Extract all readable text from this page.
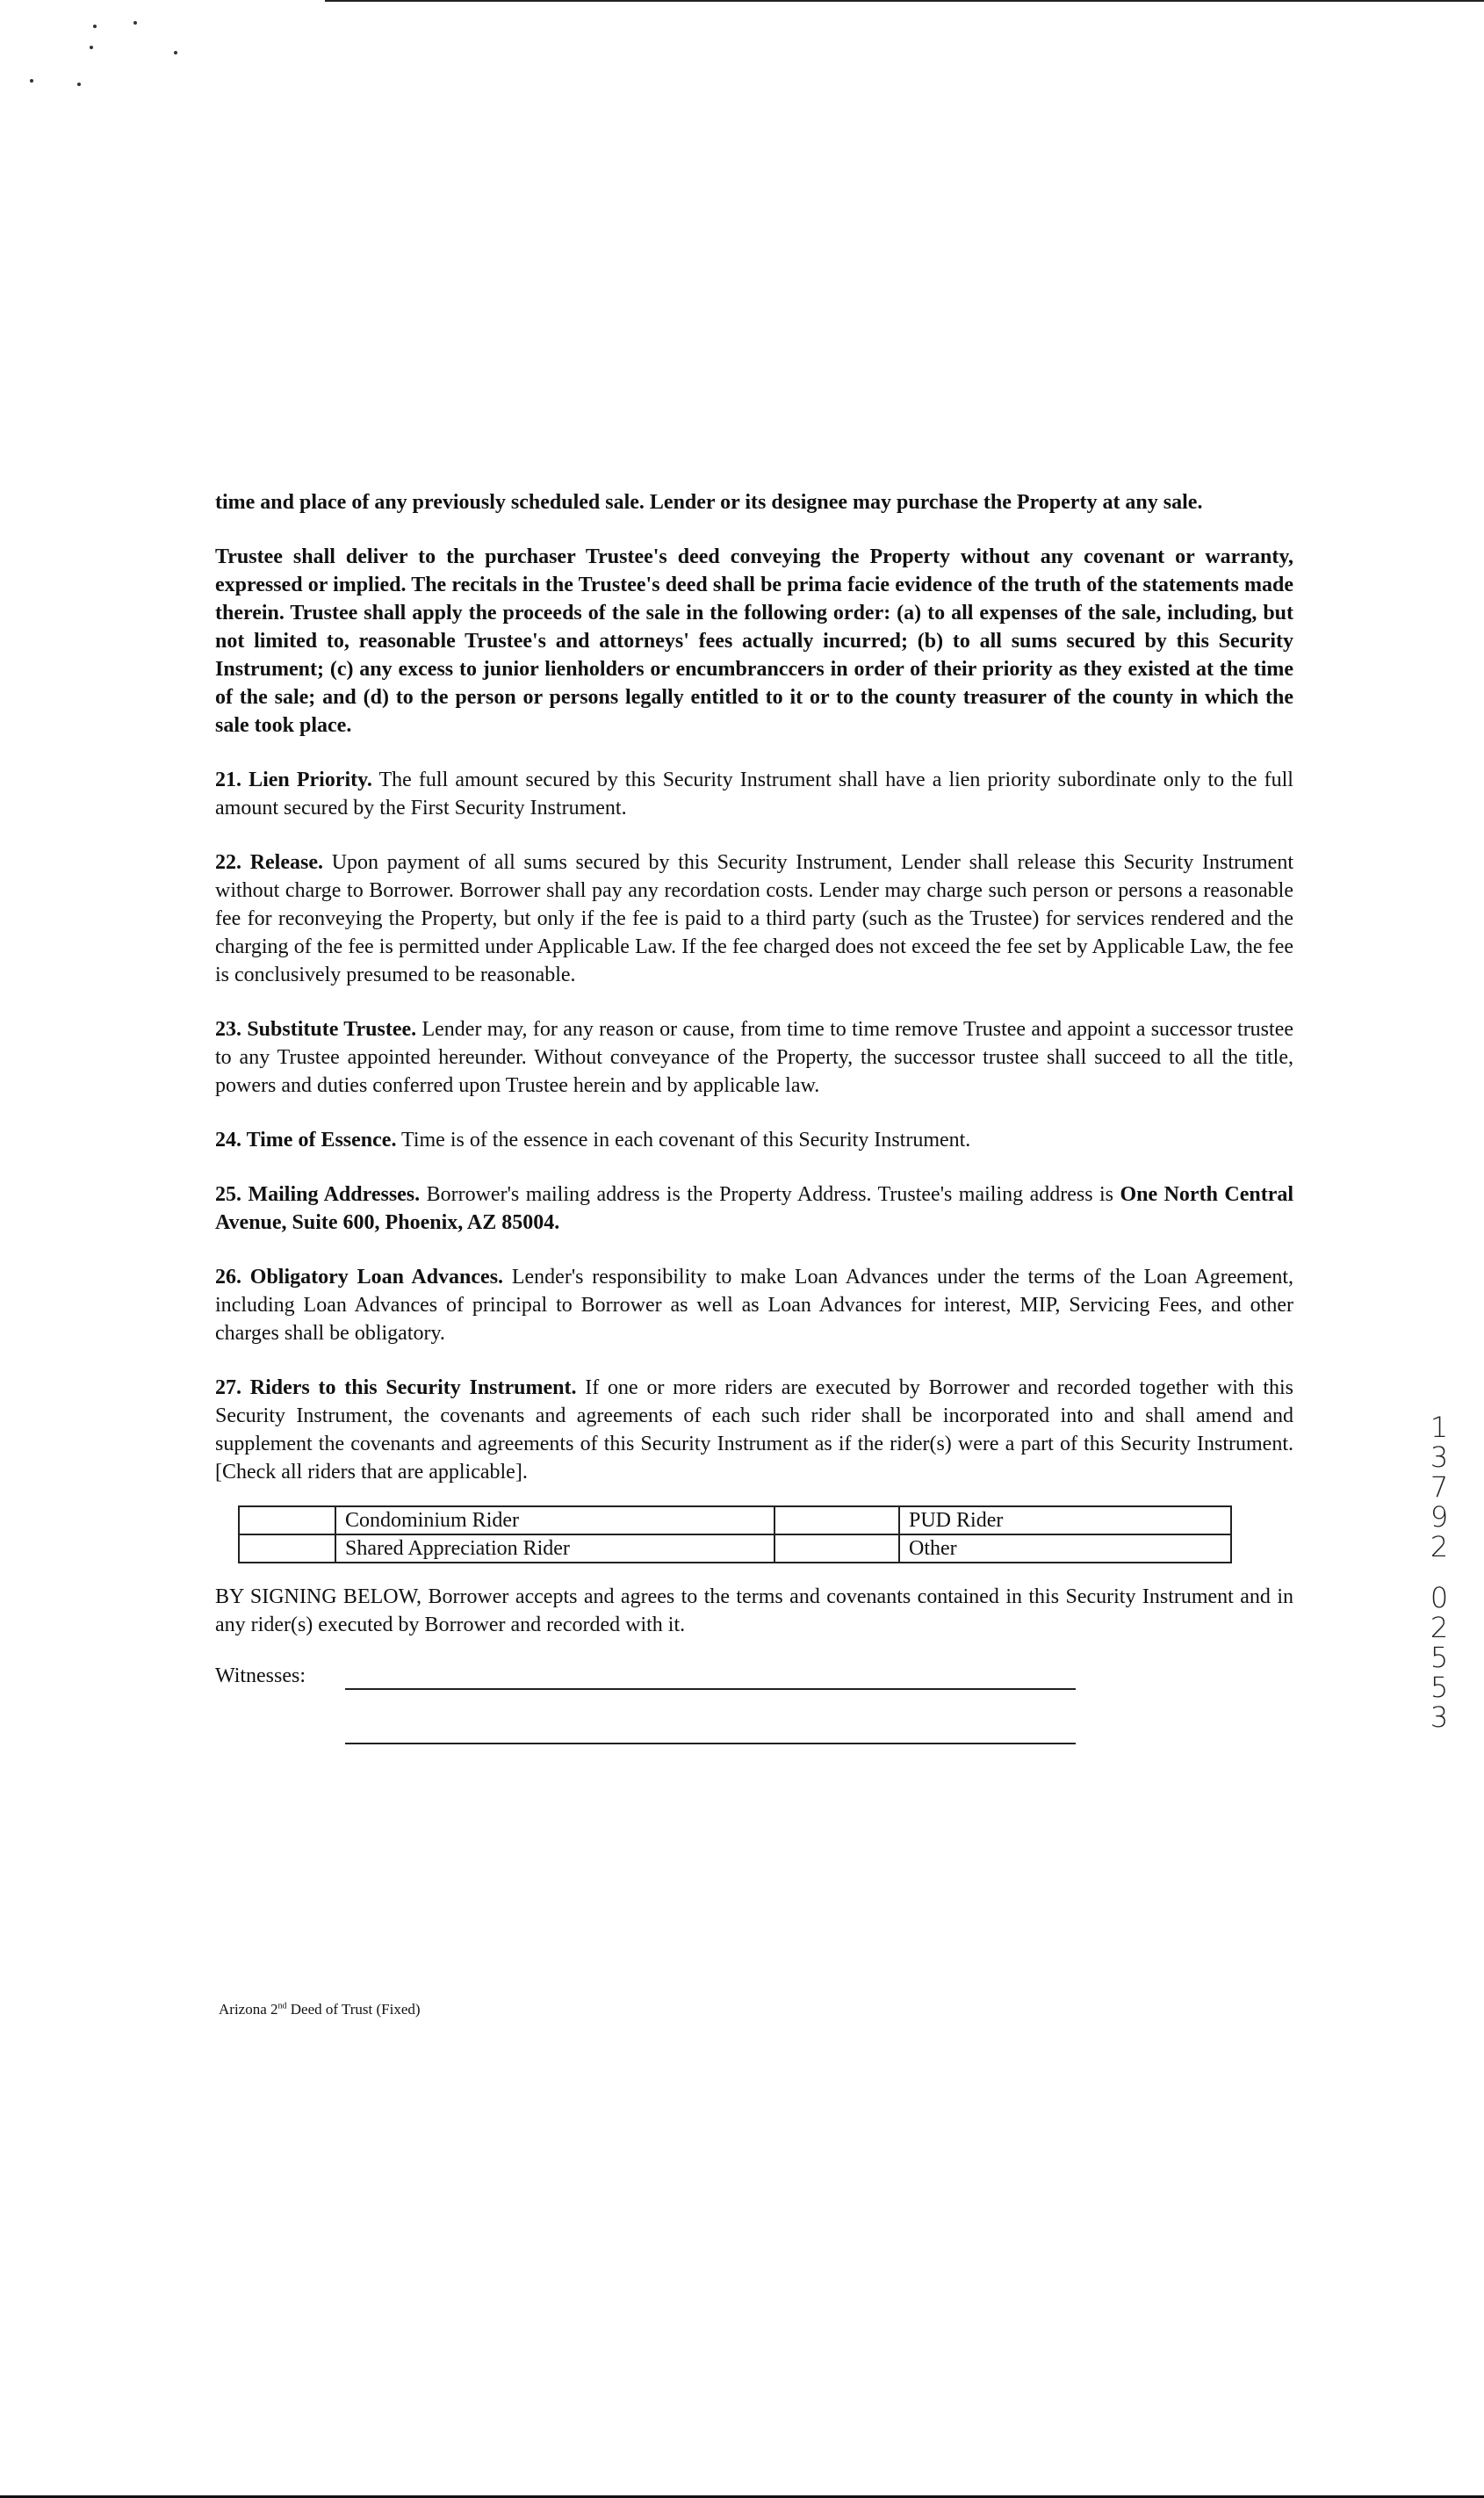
time and place of any previously scheduled sale. Lender or its designee may purchase the Property at any sale.

Trustee shall deliver to the purchaser Trustee's deed conveying the Property without any covenant or warranty, expressed or implied. The recitals in the Trustee's deed shall be prima facie evidence of the truth of the statements made therein. Trustee shall apply the proceeds of the sale in the following order: (a) to all expenses of the sale, including, but not limited to, reasonable Trustee's and attorneys' fees actually incurred; (b) to all sums secured by this Security Instrument; (c) any excess to junior lienholders or encumbranccers in order of their priority as they existed at the time of the sale; and (d) to the person or persons legally entitled to it or to the county treasurer of the county in which the sale took place.

21. Lien Priority. The full amount secured by this Security Instrument shall have a lien priority subordinate only to the full amount secured by the First Security Instrument.

22. Release. Upon payment of all sums secured by this Security Instrument, Lender shall release this Security Instrument without charge to Borrower. Borrower shall pay any recordation costs. Lender may charge such person or persons a reasonable fee for reconveying the Property, but only if the fee is paid to a third party (such as the Trustee) for services rendered and the charging of the fee is permitted under Applicable Law. If the fee charged does not exceed the fee set by Applicable Law, the fee is conclusively presumed to be reasonable.

23. Substitute Trustee. Lender may, for any reason or cause, from time to time remove Trustee and appoint a successor trustee to any Trustee appointed hereunder. Without conveyance of the Property, the successor trustee shall succeed to all the title, powers and duties conferred upon Trustee herein and by applicable law.

24. Time of Essence. Time is of the essence in each covenant of this Security Instrument.

25. Mailing Addresses. Borrower's mailing address is the Property Address. Trustee's mailing address is One North Central Avenue, Suite 600, Phoenix, AZ 85004.

26. Obligatory Loan Advances. Lender's responsibility to make Loan Advances under the terms of the Loan Agreement, including Loan Advances of principal to Borrower as well as Loan Advances for interest, MIP, Servicing Fees, and other charges shall be obligatory.

27. Riders to this Security Instrument. If one or more riders are executed by Borrower and recorded together with this Security Instrument, the covenants and agreements of each such rider shall be incorporated into and shall amend and supplement the covenants and agreements of this Security Instrument as if the rider(s) were a part of this Security Instrument. [Check all riders that are applicable].

	Condominium Rider		PUD Rider
	Shared Appreciation Rider		Other

BY SIGNING BELOW, Borrower accepts and agrees to the terms and covenants contained in this Security Instrument and in any rider(s) executed by Borrower and recorded with it.

Witnesses:
Arizona 2nd Deed of Trust (Fixed)
1
3
7
9
2
0
2
5
5
3
